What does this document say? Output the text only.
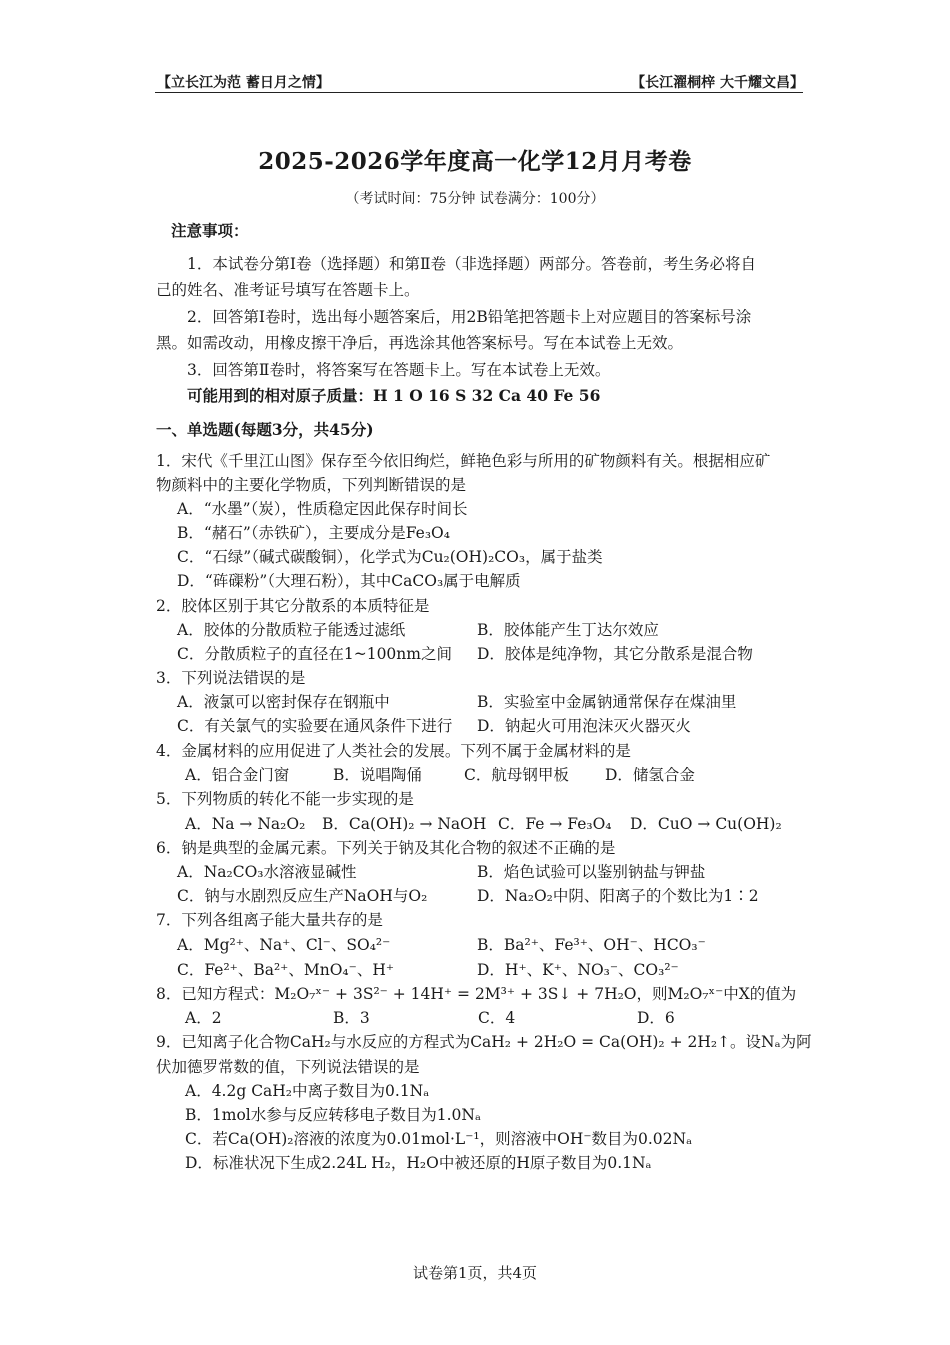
【立长江为范 蓄日月之情】	【长江濯桐梓 大千耀文昌】
2025-2026学年度高一化学12月月考卷
（考试时间：75分钟 试卷满分：100分）
注意事项：
1．本试卷分第Ⅰ卷（选择题）和第Ⅱ卷（非选择题）两部分。答卷前，考生务必将自
己的姓名、准考证号填写在答题卡上。
2．回答第Ⅰ卷时，选出每小题答案后，用2B铅笔把答题卡上对应题目的答案标号涂
黑。如需改动，用橡皮擦干净后，再选涂其他答案标号。写在本试卷上无效。
3．回答第Ⅱ卷时，将答案写在答题卡上。写在本试卷上无效。
可能用到的相对原子质量：H 1 O 16 S 32 Ca 40 Fe 56
一、单选题(每题3分，共45分)
1．宋代《千里江山图》保存至今依旧绚烂，鲜艳色彩与所用的矿物颜料有关。根据相应矿
物颜料中的主要化学物质，下列判断错误的是
A．“水墨”（炭），性质稳定因此保存时间长
B．“赭石”（赤铁矿），主要成分是Fe₃O₄
C．“石绿”（碱式碳酸铜），化学式为Cu₂(OH)₂CO₃，属于盐类
D．“砗磲粉”（大理石粉），其中CaCO₃属于电解质
2．胶体区别于其它分散系的本质特征是
A．胶体的分散质粒子能透过滤纸	B．胶体能产生丁达尔效应
C．分散质粒子的直径在1~100nm之间 D．胶体是纯净物，其它分散系是混合物
3．下列说法错误的是
A．液氯可以密封保存在钢瓶中	B．实验室中金属钠通常保存在煤油里
C．有关氯气的实验要在通风条件下进行 D．钠起火可用泡沫灭火器灭火
4．金属材料的应用促进了人类社会的发展。下列不属于金属材料的是
A．铝合金门窗	B．说唱陶俑	C．航母钢甲板 D．储氢合金
5．下列物质的转化不能一步实现的是
A．Na → Na₂O₂ B．Ca(OH)₂ → NaOH C．Fe → Fe₃O₄ D．CuO → Cu(OH)₂
6．钠是典型的金属元素。下列关于钠及其化合物的叙述不正确的是
A．Na₂CO₃水溶液显碱性	B．焰色试验可以鉴别钠盐与钾盐
C．钠与水剧烈反应生产NaOH与O₂	D．Na₂O₂中阴、阳离子的个数比为1∶2
7．下列各组离子能大量共存的是
A．Mg²⁺、Na⁺、Cl⁻、SO₄²⁻	B．Ba²⁺、Fe³⁺、OH⁻、HCO₃⁻
C．Fe²⁺、Ba²⁺、MnO₄⁻、H⁺	D．H⁺、K⁺、NO₃⁻、CO₃²⁻
8．已知方程式：M₂O₇ˣ⁻ + 3S²⁻ + 14H⁺ = 2M³⁺ + 3S↓ + 7H₂O，则M₂O₇ˣ⁻中X的值为
A．2	B．3	C．4	D．6
9．已知离子化合物CaH₂与水反应的方程式为CaH₂ + 2H₂O = Ca(OH)₂ + 2H₂↑。设Nₐ为阿
伏加德罗常数的值，下列说法错误的是
A．4.2g CaH₂中离子数目为0.1Nₐ
B．1mol水参与反应转移电子数目为1.0Nₐ
C．若Ca(OH)₂溶液的浓度为0.01mol·L⁻¹，则溶液中OH⁻数目为0.02Nₐ
D．标准状况下生成2.24L H₂，H₂O中被还原的H原子数目为0.1Nₐ
试卷第1页，共4页
